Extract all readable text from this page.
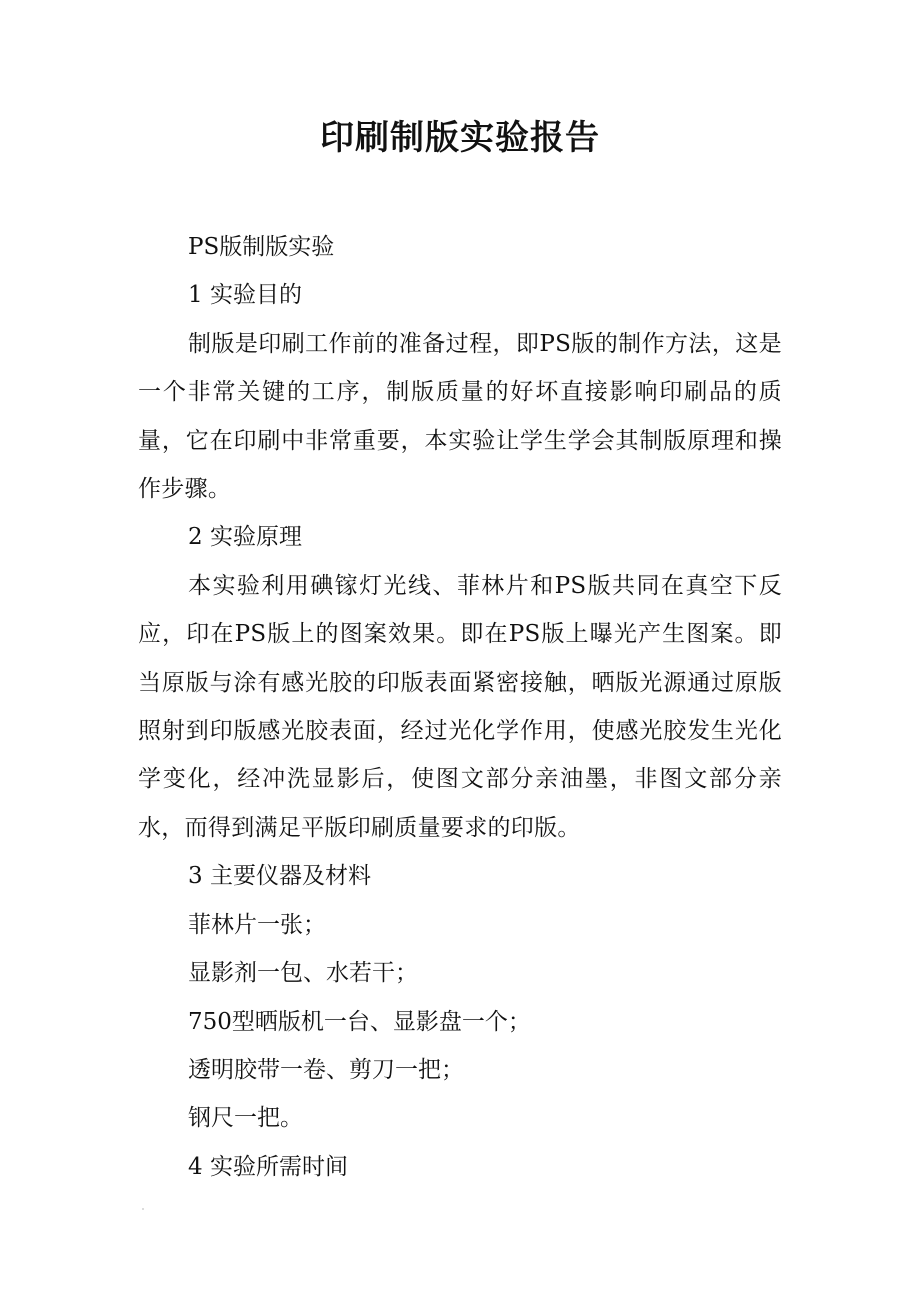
印刷制版实验报告

PS版制版实验

1 实验目的

制版是印刷工作前的准备过程，即PS版的制作方法，这是一个非常关键的工序，制版质量的好坏直接影响印刷品的质量，它在印刷中非常重要，本实验让学生学会其制版原理和操作步骤。

2 实验原理

本实验利用碘镓灯光线、菲林片和PS版共同在真空下反应，印在PS版上的图案效果。即在PS版上曝光产生图案。即当原版与涂有感光胶的印版表面紧密接触，晒版光源通过原版照射到印版感光胶表面，经过光化学作用，使感光胶发生光化学变化，经冲洗显影后，使图文部分亲油墨，非图文部分亲水，而得到满足平版印刷质量要求的印版。

3 主要仪器及材料

菲林片一张；

显影剂一包、水若干；

750型晒版机一台、显影盘一个；

透明胶带一卷、剪刀一把；

钢尺一把。

4 实验所需时间
